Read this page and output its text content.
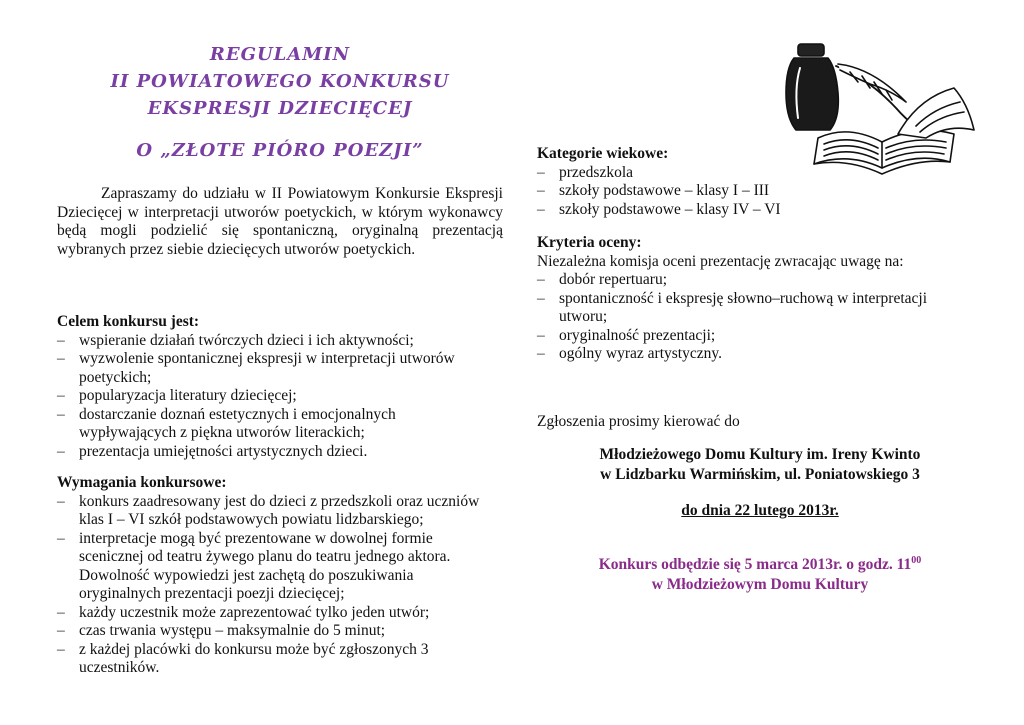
REGULAMIN
II POWIATOWEGO KONKURSU
EKSPRESJI DZIECIĘCEJ
O „ZŁOTE PIÓRO POEZJI”

Zapraszamy do udziału w II Powiatowym Konkursie Ekspresji Dziecięcej w interpretacji utworów poetyckich, w którym wykonawcy będą mogli podzielić się spontaniczną, oryginalną prezentacją wybranych przez siebie dziecięcych utworów poetyckich.

Celem konkursu jest:
– wspieranie działań twórczych dzieci i ich aktywności;
– wyzwolenie spontanicznej ekspresji w interpretacji utworów poetyckich;
– popularyzacja literatury dziecięcej;
– dostarczanie doznań estetycznych i emocjonalnych wypływających z piękna utworów literackich;
– prezentacja umiejętności artystycznych dzieci.
Wymagania konkursowe:
– konkurs zaadresowany jest do dzieci z przedszkoli oraz uczniów klas I – VI szkół podstawowych powiatu lidzbarskiego;
– interpretacje mogą być prezentowane w dowolnej formie scenicznej od teatru żywego planu do teatru jednego aktora. Dowolność wypowiedzi jest zachętą do poszukiwania oryginalnych prezentacji poezji dziecięcej;
– każdy uczestnik może zaprezentować tylko jeden utwór;
– czas trwania występu – maksymalnie do 5 minut;
– z każdej placówki do konkursu może być zgłoszonych 3 uczestników.
Kategorie wiekowe:
– przedszkola
– szkoły podstawowe – klasy I – III
– szkoły podstawowe – klasy IV – VI
Kryteria oceny:
Niezależna komisja oceni prezentację zwracając uwagę na:
– dobór repertuaru;
– spontaniczność i ekspresję słowno–ruchową w interpretacji utworu;
– oryginalność prezentacji;
– ogólny wyraz artystyczny.

Zgłoszenia prosimy kierować do

Młodzieżowego Domu Kultury im. Ireny Kwinto
w Lidzbarku Warmińskim, ul. Poniatowskiego 3
do dnia 22 lutego 2013r.
Konkurs odbędzie się 5 marca 2013r. o godz. $11^{00}$
w Młodzieżowym Domu Kultury
